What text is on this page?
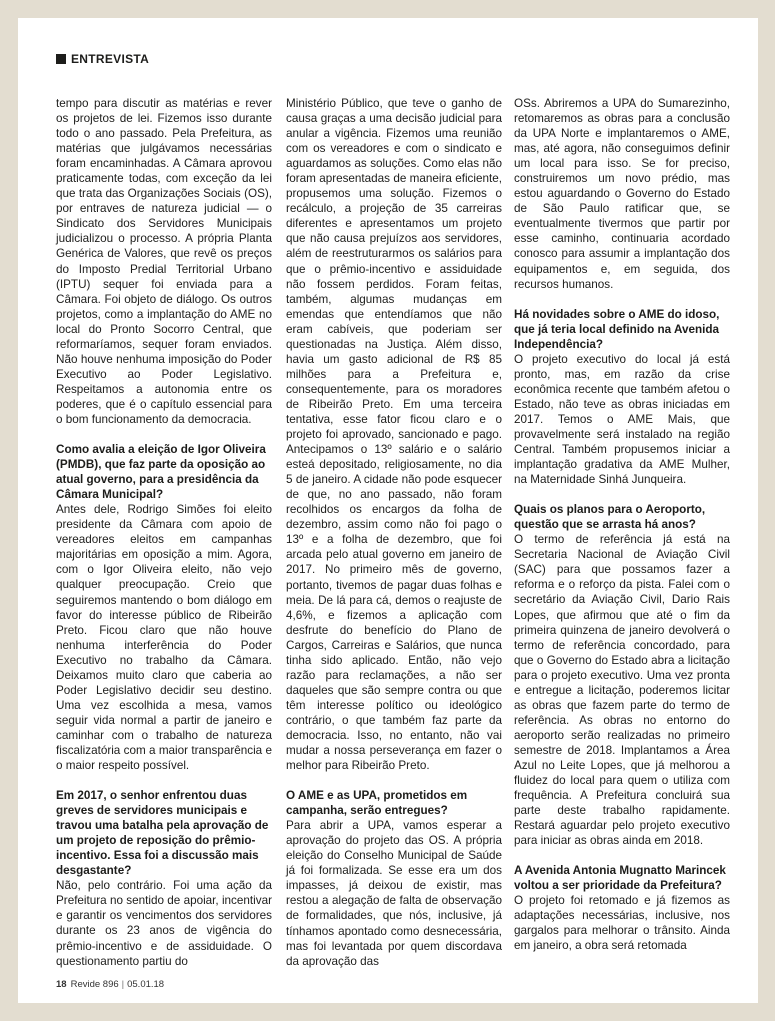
ENTREVISTA

tempo para discutir as matérias e rever os projetos de lei. Fizemos isso durante todo o ano passado. Pela Prefeitura, as matérias que julgávamos necessárias foram encaminhadas. A Câmara aprovou praticamente todas, com exceção da lei que trata das Organizações Sociais (OS), por entraves de natureza judicial — o Sindicato dos Servidores Municipais judicializou o processo. A própria Planta Genérica de Valores, que revê os preços do Imposto Predial Territorial Urbano (IPTU) sequer foi enviada para a Câmara. Foi objeto de diálogo. Os outros projetos, como a implantação do AME no local do Pronto Socorro Central, que reformaríamos, sequer foram enviados. Não houve nenhuma imposição do Poder Executivo ao Poder Legislativo. Respeitamos a autonomia entre os poderes, que é o capítulo essencial para o bom funcionamento da democracia.

Como avalia a eleição de Igor Oliveira (PMDB), que faz parte da oposição ao atual governo, para a presidência da Câmara Municipal?

Antes dele, Rodrigo Simões foi eleito presidente da Câmara com apoio de vereadores eleitos em campanhas majoritárias em oposição a mim. Agora, com o Igor Oliveira eleito, não vejo qualquer preocupação. Creio que seguiremos mantendo o bom diálogo em favor do interesse público de Ribeirão Preto. Ficou claro que não houve nenhuma interferência do Poder Executivo no trabalho da Câmara. Deixamos muito claro que caberia ao Poder Legislativo decidir seu destino. Uma vez escolhida a mesa, vamos seguir vida normal a partir de janeiro e caminhar com o trabalho de natureza fiscalizatória com a maior transparência e o maior respeito possível.

Em 2017, o senhor enfrentou duas greves de servidores municipais e travou uma batalha pela aprovação de um projeto de reposição do prêmio-incentivo. Essa foi a discussão mais desgastante?

Não, pelo contrário. Foi uma ação da Prefeitura no sentido de apoiar, incentivar e garantir os vencimentos dos servidores durante os 23 anos de vigência do prêmio-incentivo e de assiduidade. O questionamento partiu do

Ministério Público, que teve o ganho de causa graças a uma decisão judicial para anular a vigência. Fizemos uma reunião com os vereadores e com o sindicato e aguardamos as soluções. Como elas não foram apresentadas de maneira eficiente, propusemos uma solução. Fizemos o recálculo, a projeção de 35 carreiras diferentes e apresentamos um projeto que não causa prejuízos aos servidores, além de reestruturarmos os salários para que o prêmio-incentivo e assiduidade não fossem perdidos. Foram feitas, também, algumas mudanças em emendas que entendíamos que não eram cabíveis, que poderiam ser questionadas na Justiça. Além disso, havia um gasto adicional de R$ 85 milhões para a Prefeitura e, consequentemente, para os moradores de Ribeirão Preto. Em uma terceira tentativa, esse fator ficou claro e o projeto foi aprovado, sancionado e pago. Antecipamos o 13º salário e o salário esteá depositado, religiosamente, no dia 5 de janeiro. A cidade não pode esquecer de que, no ano passado, não foram recolhidos os encargos da folha de dezembro, assim como não foi pago o 13º e a folha de dezembro, que foi arcada pelo atual governo em janeiro de 2017. No primeiro mês de governo, portanto, tivemos de pagar duas folhas e meia. De lá para cá, demos o reajuste de 4,6%, e fizemos a aplicação com desfrute do benefício do Plano de Cargos, Carreiras e Salários, que nunca tinha sido aplicado. Então, não vejo razão para reclamações, a não ser daqueles que são sempre contra ou que têm interesse político ou ideológico contrário, o que também faz parte da democracia. Isso, no entanto, não vai mudar a nossa perseverança em fazer o melhor para Ribeirão Preto.

O AME e as UPA, prometidos em campanha, serão entregues?

Para abrir a UPA, vamos esperar a aprovação do projeto das OS. A própria eleição do Conselho Municipal de Saúde já foi formalizada. Se esse era um dos impasses, já deixou de existir, mas restou a alegação de falta de observação de formalidades, que nós, inclusive, já tínhamos apontado como desnecessária, mas foi levantada por quem discordava da aprovação das

OSs. Abriremos a UPA do Sumarezinho, retomaremos as obras para a conclusão da UPA Norte e implantaremos o AME, mas, até agora, não conseguimos definir um local para isso. Se for preciso, construiremos um novo prédio, mas estou aguardando o Governo do Estado de São Paulo ratificar que, se eventualmente tivermos que partir por esse caminho, continuaria acordado conosco para assumir a implantação dos equipamentos e, em seguida, dos recursos humanos.

Há novidades sobre o AME do idoso, que já teria local definido na Avenida Independência?

O projeto executivo do local já está pronto, mas, em razão da crise econômica recente que também afetou o Estado, não teve as obras iniciadas em 2017. Temos o AME Mais, que provavelmente será instalado na região Central. Também propusemos iniciar a implantação gradativa da AME Mulher, na Maternidade Sinhá Junqueira.

Quais os planos para o Aeroporto, questão que se arrasta há anos?

O termo de referência já está na Secretaria Nacional de Aviação Civil (SAC) para que possamos fazer a reforma e o reforço da pista. Falei com o secretário da Aviação Civil, Dario Rais Lopes, que afirmou que até o fim da primeira quinzena de janeiro devolverá o termo de referência concordado, para que o Governo do Estado abra a licitação para o projeto executivo. Uma vez pronta e entregue a licitação, poderemos licitar as obras que fazem parte do termo de referência. As obras no entorno do aeroporto serão realizadas no primeiro semestre de 2018. Implantamos a Área Azul no Leite Lopes, que já melhorou a fluidez do local para quem o utiliza com frequência. A Prefeitura concluirá sua parte deste trabalho rapidamente. Restará aguardar pelo projeto executivo para iniciar as obras ainda em 2018.

A Avenida Antonia Mugnatto Marincek voltou a ser prioridade da Prefeitura?

O projeto foi retomado e já fizemos as adaptações necessárias, inclusive, nos gargalos para melhorar o trânsito. Ainda em janeiro, a obra será retomada

18 Revide 896 | 05.01.18
